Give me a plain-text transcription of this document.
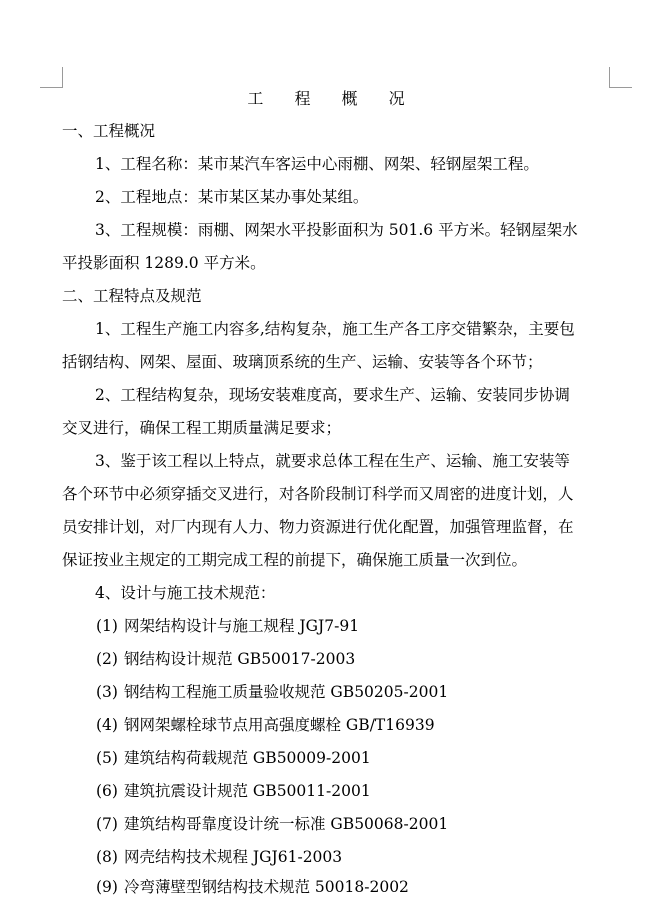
工 程 概 况
一、工程概况
1、工程名称：某市某汽车客运中心雨棚、网架、轻钢屋架工程。
2、工程地点：某市某区某办事处某组。
3、工程规模：雨棚、网架水平投影面积为 501.6 平方米。轻钢屋架水
平投影面积 1289.0 平方米。
二、工程特点及规范
1、工程生产施工内容多,结构复杂，施工生产各工序交错繁杂，主要包
括钢结构、网架、屋面、玻璃顶系统的生产、运输、安装等各个环节；
2、工程结构复杂，现场安装难度高，要求生产、运输、安装同步协调
交叉进行，确保工程工期质量满足要求；
3、鉴于该工程以上特点，就要求总体工程在生产、运输、施工安装等
各个环节中必须穿插交叉进行，对各阶段制订科学而又周密的进度计划，人
员安排计划，对厂内现有人力、物力资源进行优化配置，加强管理监督，在
保证按业主规定的工期完成工程的前提下，确保施工质量一次到位。
4、设计与施工技术规范：
(1) 网架结构设计与施工规程 JGJ7-91
(2) 钢结构设计规范 GB50017-2003
(3) 钢结构工程施工质量验收规范 GB50205-2001
(4) 钢网架螺栓球节点用高强度螺栓 GB/T16939
(5) 建筑结构荷载规范 GB50009-2001
(6) 建筑抗震设计规范 GB50011-2001
(7) 建筑结构哥靠度设计统一标准 GB50068-2001
(8) 网壳结构技术规程 JGJ61-2003
(9) 冷弯薄壁型钢结构技术规范 50018-2002
